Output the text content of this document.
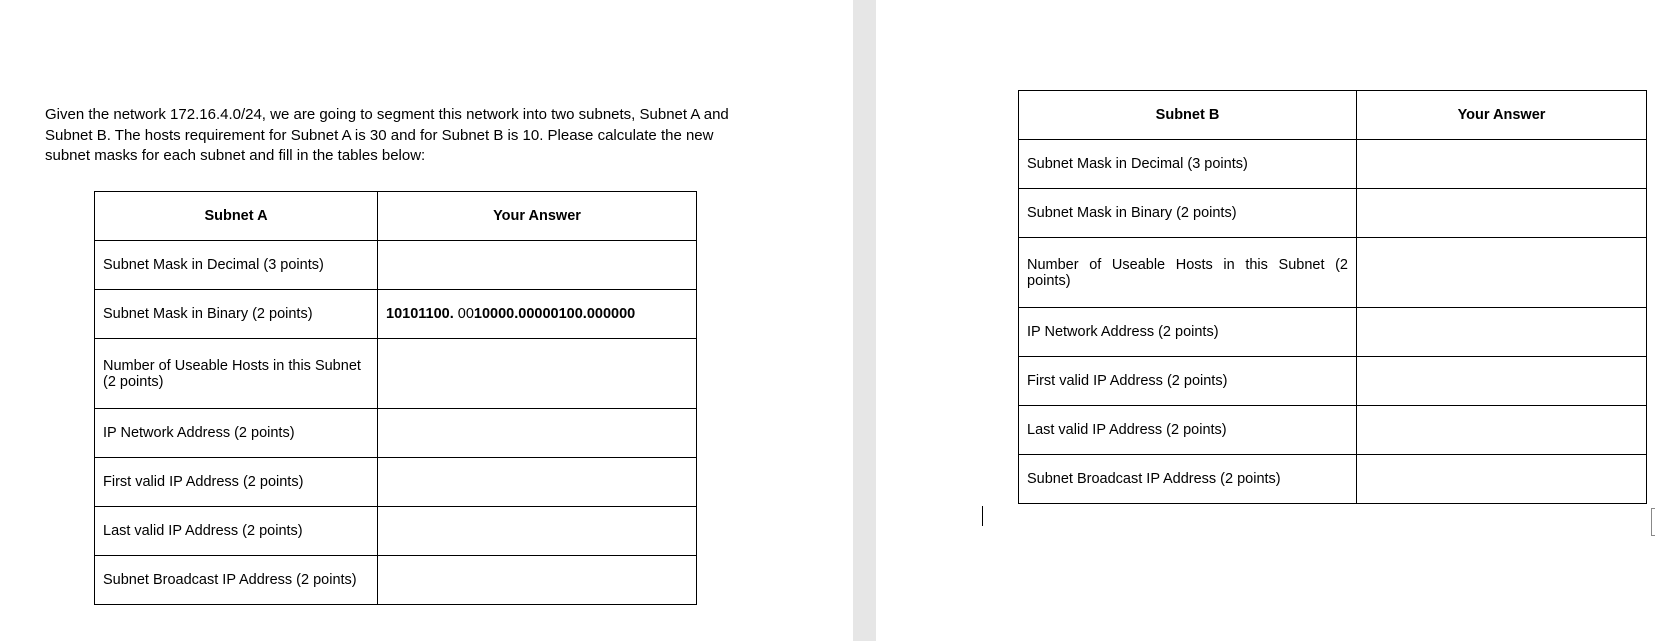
Given the network 172.16.4.0/24, we are going to segment this network into two subnets, Subnet A and Subnet B. The hosts requirement for Subnet A is 30 and for Subnet B is 10. Please calculate the new subnet masks for each subnet and fill in the tables below:

Subnet A	Your Answer
Subnet Mask in Decimal (3 points)	
Subnet Mask in Binary (2 points)	10101100. 0010000.00000100.000000
Number of Useable Hosts in this Subnet (2 points)	
IP Network Address (2 points)	
First valid IP Address (2 points)	
Last valid IP Address (2 points)	
Subnet Broadcast IP Address (2 points)	
Subnet B	Your Answer
Subnet Mask in Decimal (3 points)	
Subnet Mask in Binary (2 points)	
Number of Useable Hosts in this Subnet (2 points)	
IP Network Address (2 points)	
First valid IP Address (2 points)	
Last valid IP Address (2 points)	
Subnet Broadcast IP Address (2 points)	
